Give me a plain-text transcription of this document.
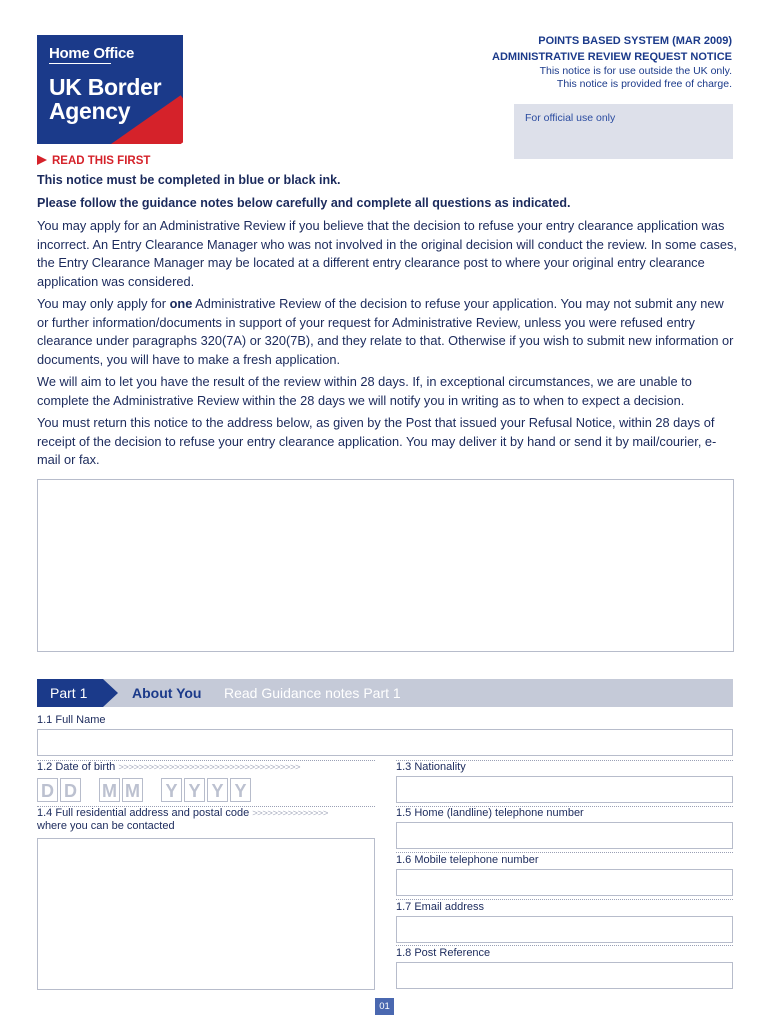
Home Office
UK Border
Agency
POINTS BASED SYSTEM (MAR 2009)
ADMINISTRATIVE REVIEW REQUEST NOTICE
This notice is for use outside the UK only.
This notice is provided free of charge.
For official use only
READ THIS FIRST
This notice must be completed in blue or black ink.
Please follow the guidance notes below carefully and complete all questions as indicated.
You may apply for an Administrative Review if you believe that the decision to refuse your entry clearance application was incorrect. An Entry Clearance Manager who was not involved in the original decision will conduct the review. In some cases, the Entry Clearance Manager may be located at a different entry clearance post to where your original entry clearance application was considered.
You may only apply for one Administrative Review of the decision to refuse your application. You may not submit any new or further information/documents in support of your request for Administrative Review, unless you were refused entry clearance under paragraphs 320(7A) or 320(7B), and they relate to that. Otherwise if you wish to submit new information or documents, you will have to make a fresh application.
We will aim to let you have the result of the review within 28 days. If, in exceptional circumstances, we are unable to complete the Administrative Review within the 28 days we will notify you in writing as to when to expect a decision.
You must return this notice to the address below, as given by the Post that issued your Refusal Notice, within 28 days of receipt of the decision to refuse your entry clearance application. You may deliver it by hand or send it by mail/courier, e-mail or fax.
Part 1	About You Read Guidance notes Part 1
1.1 Full Name
1.2 Date of birth >>>>>>>>>>>>>>>>>>>>>>>>>>>>>>>>>>>>
D D M M Y Y Y Y
1.3 Nationality
1.4 Full residential address and postal code >>>>>>>>>>>>>>>
where you can be contacted
1.5 Home (landline) telephone number
1.6 Mobile telephone number
1.7 Email address
1.8 Post Reference
01
